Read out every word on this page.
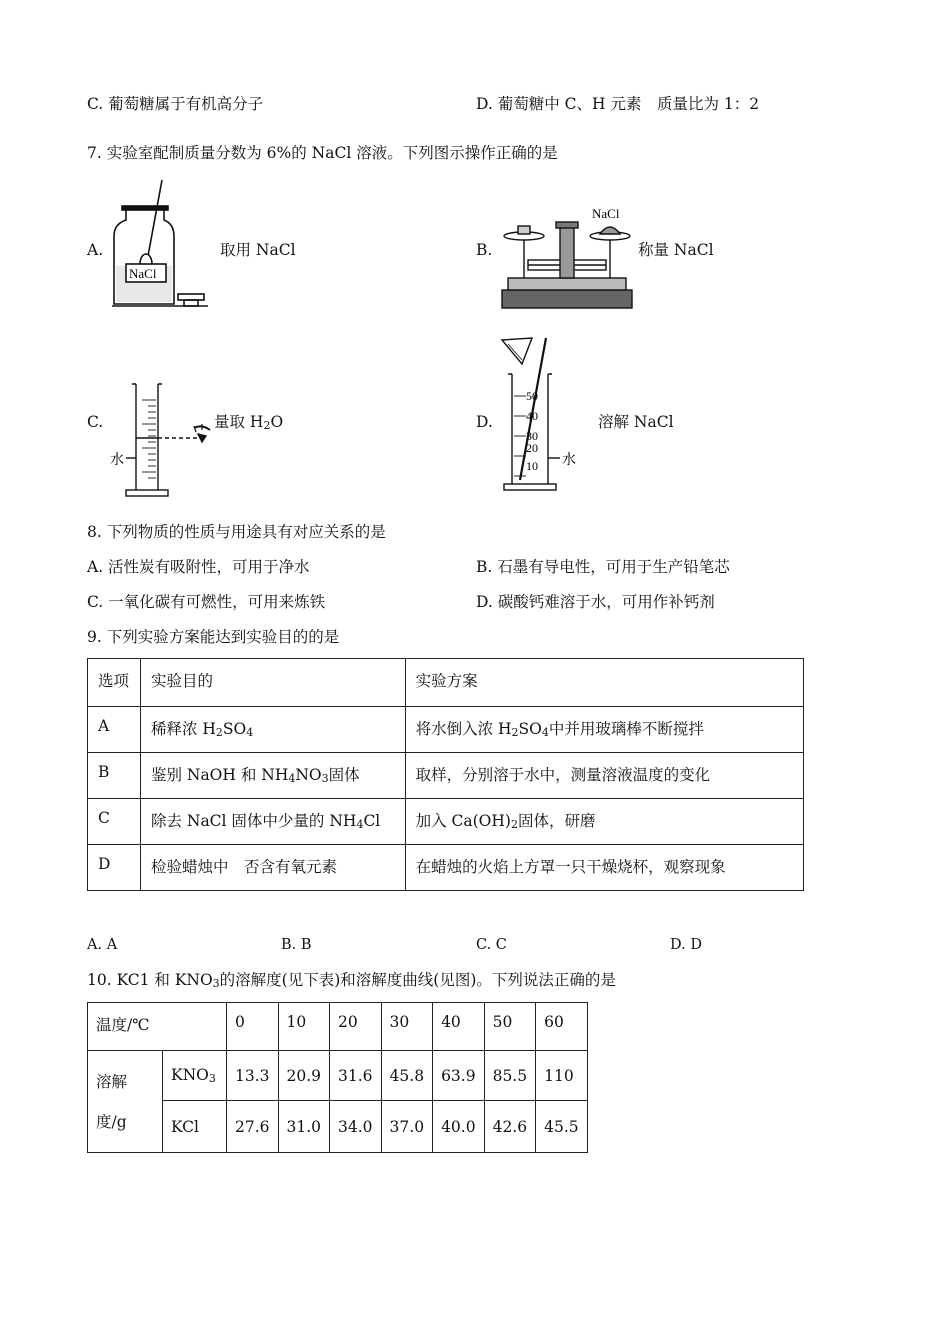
C. 葡萄糖属于有机高分子	D. 葡萄糖中 C、H 元素　质量比为 1：2
7. 实验室配制质量分数为 6%的 NaCl 溶液。下列图示操作正确的是
A.
NaCl
取用 NaCl	B.
NaCl
称量 NaCl
C.
水
量取 H2O	D.
50
40
30
20
10 水
溶解 NaCl
8. 下列物质的性质与用途具有对应关系的是
A. 活性炭有吸附性，可用于净水	B. 石墨有导电性，可用于生产铅笔芯
C. 一氧化碳有可燃性，可用来炼铁	D. 碳酸钙难溶于水，可用作补钙剂
9. 下列实验方案能达到实验目的的是
选项	实验目的	实验方案
A	稀释浓 H2SO4	将水倒入浓 H2SO4中并用玻璃棒不断搅拌
B	鉴别 NaOH 和 NH4NO3固体	取样，分别溶于水中，测量溶液温度的变化
C	除去 NaCl 固体中少量的 NH4Cl	加入 Ca(OH)2固体，研磨
D	检验蜡烛中　否含有氧元素	在蜡烛的火焰上方罩一只干燥烧杯，观察现象
A. A	B. B	C. C	D. D
10. KC1 和 KNO3的溶解度(见下表)和溶解度曲线(见图)。下列说法正确的是
温度/℃		0	10	20	30	40	50	60

溶解
度/g	KNO3	13.3	20.9	31.6	45.8	63.9	85.5	110
	KCl	27.6	31.0	34.0	37.0	40.0	42.6	45.5
